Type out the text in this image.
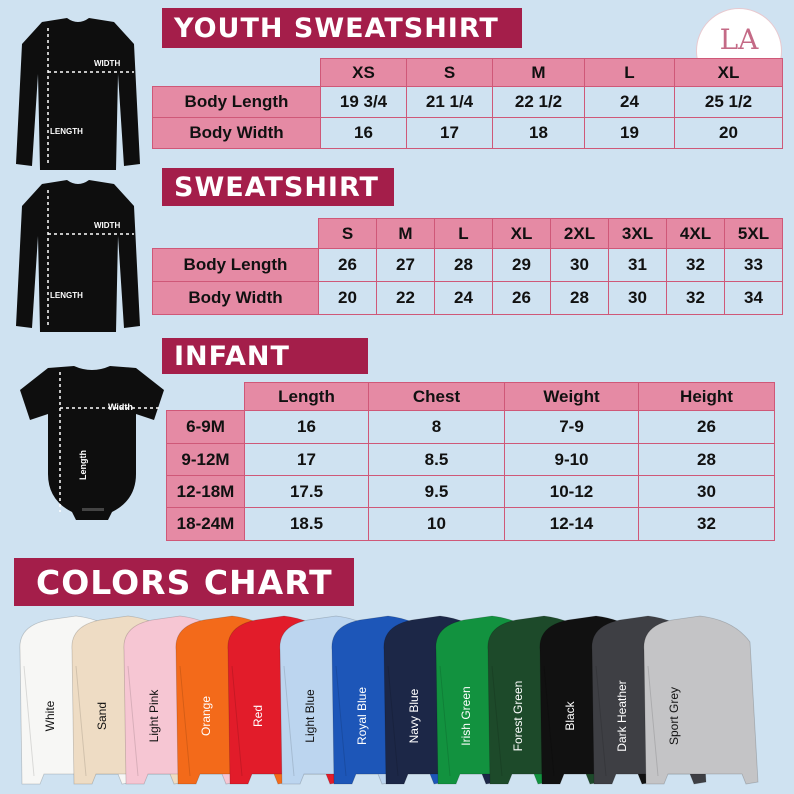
LA
YOUTH SWEATSHIRT
WIDTH
LENGTH
	XS	S	M	L	XL
Body Length	19 3/4	21 1/4	22 1/2	24	25 1/2
Body Width	16	17	18	19	20
SWEATSHIRT
WIDTH
LENGTH
	S	M	L	XL	2XL	3XL	4XL	5XL
Body Length	26	27	28	29	30	31	32	33
Body Width	20	22	24	26	28	30	32	34
INFANT
Width
Length
	Length	Chest	Weight	Height
6-9M	16	8	7-9	26
9-12M	17	8.5	9-10	28
12-18M	17.5	9.5	10-12	30
18-24M	18.5	10	12-14	32
COLORS CHART
White	Sand	Light Pink	Orange	Red	Light Blue	Royal Blue	Navy Blue	Irish Green	Forest Green	Black	Dark Heather	Sport Grey
